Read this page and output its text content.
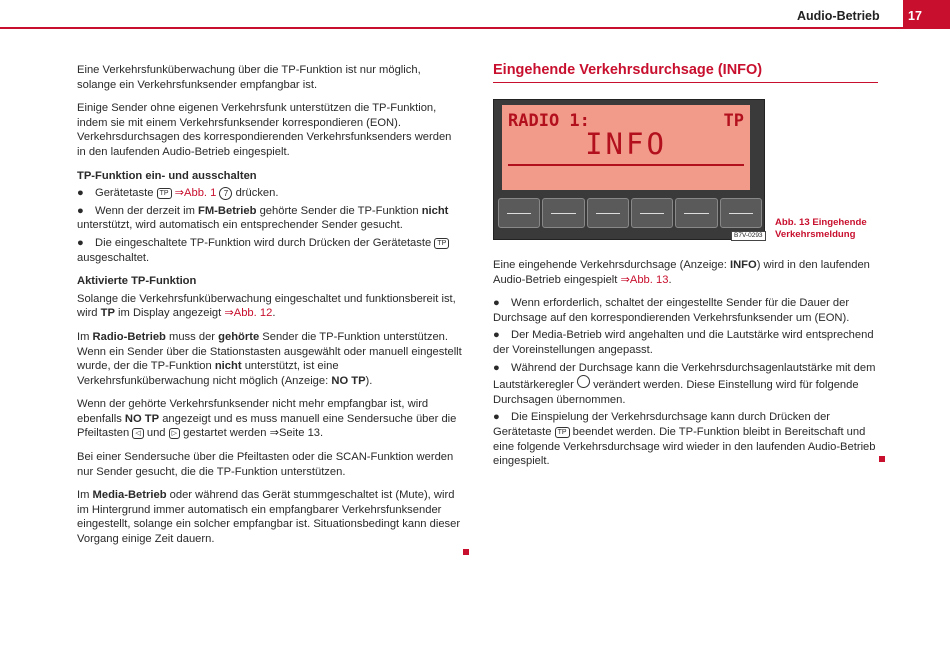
Audio-Betrieb	17

Eine Verkehrsfunküberwachung über die TP-Funktion ist nur möglich, solange ein Verkehrsfunksender empfangbar ist.

Einige Sender ohne eigenen Verkehrsfunk unterstützen die TP-Funktion, indem sie mit einem Verkehrsfunksender korrespondieren (EON). Verkehrsdurchsagen des korrespondierenden Verkehrsfunksenders werden in den laufenden Audio-Betrieb eingespielt.

TP-Funktion ein- und ausschalten
● Gerätetaste TP ⇒Abb. 1 7 drücken.
● Wenn der derzeit im FM-Betrieb gehörte Sender die TP-Funktion nicht unterstützt, wird automatisch ein entsprechender Sender gesucht.
● Die eingeschaltete TP-Funktion wird durch Drücken der Gerätetaste TP ausgeschaltet.
Aktivierte TP-Funktion

Solange die Verkehrsfunküberwachung eingeschaltet und funktionsbereit ist, wird TP im Display angezeigt ⇒Abb. 12.

Im Radio-Betrieb muss der gehörte Sender die TP-Funktion unterstützen. Wenn ein Sender über die Stationstasten ausgewählt oder manuell eingestellt wurde, der die TP-Funktion nicht unterstützt, ist eine Verkehrsfunküberwachung nicht möglich (Anzeige: NO TP).

Wenn der gehörte Verkehrsfunksender nicht mehr empfangbar ist, wird ebenfalls NO TP angezeigt und es muss manuell eine Sendersuche über die Pfeiltasten ◁ und ▷ gestartet werden ⇒Seite 13.

Bei einer Sendersuche über die Pfeiltasten oder die SCAN-Funktion werden nur Sender gesucht, die die TP-Funktion unterstützen.

Im Media-Betrieb oder während das Gerät stummgeschaltet ist (Mute), wird im Hintergrund immer automatisch ein empfangbarer Verkehrsfunksender eingestellt, solange ein solcher empfangbar ist. Situationsbedingt kann dieser Vorgang einige Zeit dauern.

Eingehende Verkehrsdurchsage (INFO)
RADIO 1:	TP
INFO
B7V-0293
Abb. 13 Eingehende
Verkehrsmeldung

Eine eingehende Verkehrsdurchsage (Anzeige: INFO) wird in den laufenden Audio-Betrieb eingespielt ⇒Abb. 13.

● Wenn erforderlich, schaltet der eingestellte Sender für die Dauer der Durchsage auf den korrespondierenden Verkehrsfunksender um (EON).
● Der Media-Betrieb wird angehalten und die Lautstärke wird entsprechend der Voreinstellungen angepasst.
● Während der Durchsage kann die Verkehrsdurchsagenlautstärke mit dem Lautstärkeregler verändert werden. Diese Einstellung wird für folgende Durchsagen übernommen.
● Die Einspielung der Verkehrsdurchsage kann durch Drücken der Gerätetaste TP beendet werden. Die TP-Funktion bleibt in Bereitschaft und eine folgende Verkehrsdurchsage wird wieder in den laufenden Audio-Betrieb eingespielt.
